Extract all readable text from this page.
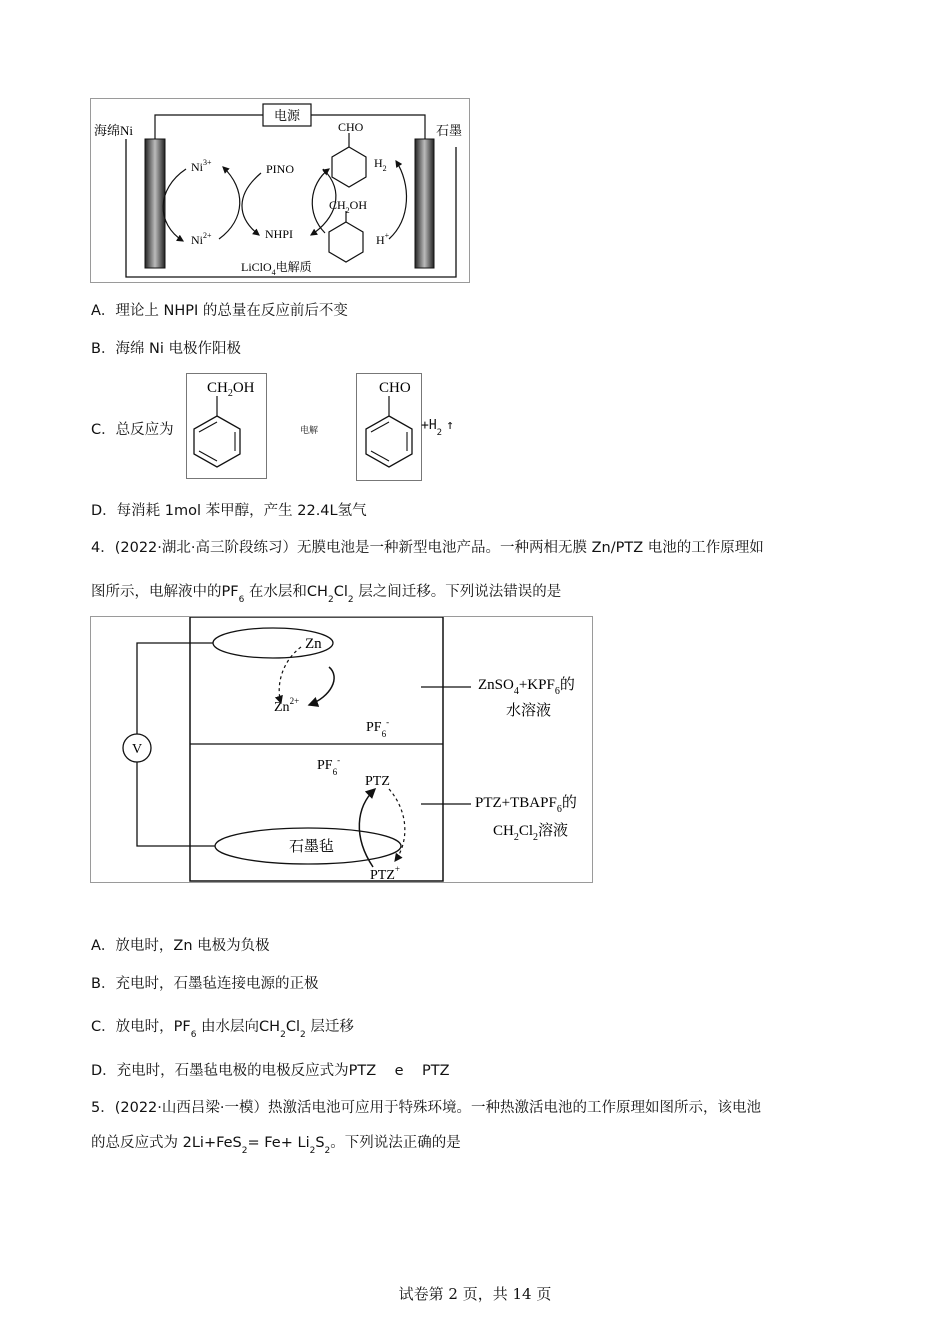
电源
海绵Ni	石墨
$Ni^{3+}$
$Ni^{2+}$
PINO
NHPI
CHO
$CH_2OH$
$H_2$
H+
LiClO$_4$电解质
A．理论上 NHPI 的总量在反应前后不变
B．海绵 Ni 电极作阳极
C．总反应为
$CH_2OH$
电解
CHO
$+H_2$ ↑
D．每消耗 1mol 苯甲醇，产生 22.4L氢气
4．(2022·湖北·高三阶段练习）无膜电池是一种新型电池产品。一种两相无膜 Zn/PTZ 电池的工作原理如
图所示，电解液中的$PF_6$ 在水层和$CH_2Cl_2$ 层之间迁移。下列说法错误的是
V
Zn
$Zn^{2+}$
$PF_6^-$
$PF_6^-$
石墨毡
PTZ
PTZ+
$ZnSO_4+KPF_6$的
水溶液
$PTZ+TBAPF_6$的
$CH_2Cl_2$溶液
A．放电时，Zn 电极为负极
B．充电时，石墨毡连接电源的正极
C．放电时，$PF_6$ 由水层向$CH_2Cl_2$ 层迁移
D．充电时，石墨毡电极的电极反应式为PTZ    e    PTZ
5．(2022·山西吕梁·一模）热激活电池可应用于特殊环境。一种热激活电池的工作原理如图所示，该电池
的总反应式为 $2Li+FeS_2= Fe+ Li_2S_2$。下列说法正确的是
试卷第 2 页，共 14 页
